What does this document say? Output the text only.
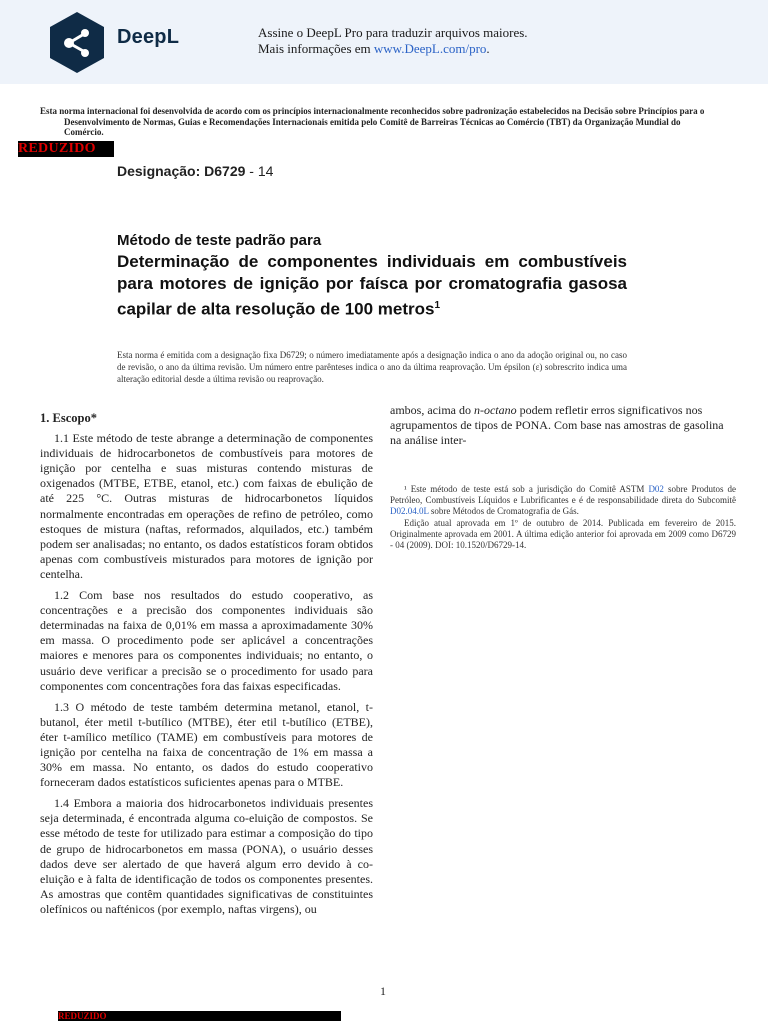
DeepL	Assine o DeepL Pro para traduzir arquivos maiores.
Mais informações em www.DeepL.com/pro.

Esta norma internacional foi desenvolvida de acordo com os princípios internacionalmente reconhecidos sobre padronização estabelecidos na Decisão sobre Princípios para o

Desenvolvimento de Normas, Guias e Recomendações Internacionais emitida pelo Comitê de Barreiras Técnicas ao Comércio (TBT) da Organização Mundial do

Comércio.

REDUZIDO
Designação: D6729 - 14

Método de teste padrão para

Determinação de componentes individuais em combustíveis para motores de ignição por faísca por cromatografia gasosa capilar de alta resolução de 100 metros$^1$

Esta norma é emitida com a designação fixa D6729; o número imediatamente após a designação indica o ano da adoção original ou, no caso de revisão, o ano da última revisão. Um número entre parênteses indica o ano da última reaprovação. Um épsilon (ε) sobrescrito indica uma alteração editorial desde a última revisão ou reaprovação.

1. Escopo*

1.1 Este método de teste abrange a determinação de componentes individuais de hidrocarbonetos de combustíveis para motores de ignição por centelha e suas misturas contendo misturas de oxigenados (MTBE, ETBE, etanol, etc.) com faixas de ebulição de até 225 °C. Outras misturas de hidrocarbonetos líquidos normalmente encontradas em operações de refino de petróleo, como estoques de mistura (naftas, reformados, alquilados, etc.) também podem ser analisadas; no entanto, os dados estatísticos foram obtidos apenas com combustíveis misturados para motores de ignição por centelha.

1.2 Com base nos resultados do estudo cooperativo, as concentrações e a precisão dos componentes individuais são determinadas na faixa de 0,01% em massa a aproximadamente 30% em massa. O procedimento pode ser aplicável a concentrações maiores e menores para os componentes individuais; no entanto, o usuário deve verificar a precisão se o procedimento for usado para componentes com concentrações fora das faixas especificadas.

1.3 O método de teste também determina metanol, etanol, t-butanol, éter metil t-butílico (MTBE), éter etil t-butílico (ETBE), éter t-amílico metílico (TAME) em combustíveis para motores de ignição por centelha na faixa de concentração de 1% em massa a 30% em massa. No entanto, os dados do estudo cooperativo forneceram dados estatísticos suficientes apenas para o MTBE.

1.4 Embora a maioria dos hidrocarbonetos individuais presentes seja determinada, é encontrada alguma co-eluição de compostos. Se esse método de teste for utilizado para estimar a composição do tipo de grupo de hidrocarbonetos em massa (PONA), o usuário desses dados deve ser alertado de que haverá algum erro devido à co-eluição e à falta de identificação de todos os componentes presentes. As amostras que contêm quantidades significativas de constituintes olefínicos ou nafténicos (por exemplo, naftas virgens), ou

ambos, acima do n-octano podem refletir erros significativos nos agrupamentos de tipos de PONA. Com base nas amostras de gasolina na análise inter-

¹ Este método de teste está sob a jurisdição do Comitê ASTM D02 sobre Produtos de Petróleo, Combustíveis Líquidos e Lubrificantes e é de responsabilidade direta do Subcomitê D02.04.0L sobre Métodos de Cromatografia de Gás.

Edição atual aprovada em 1º de outubro de 2014. Publicada em fevereiro de 2015. Originalmente aprovada em 2001. A última edição anterior foi aprovada em 2009 como D6729 - 04 (2009). DOI: 10.1520/D6729-14.

1
REDUZIDO
